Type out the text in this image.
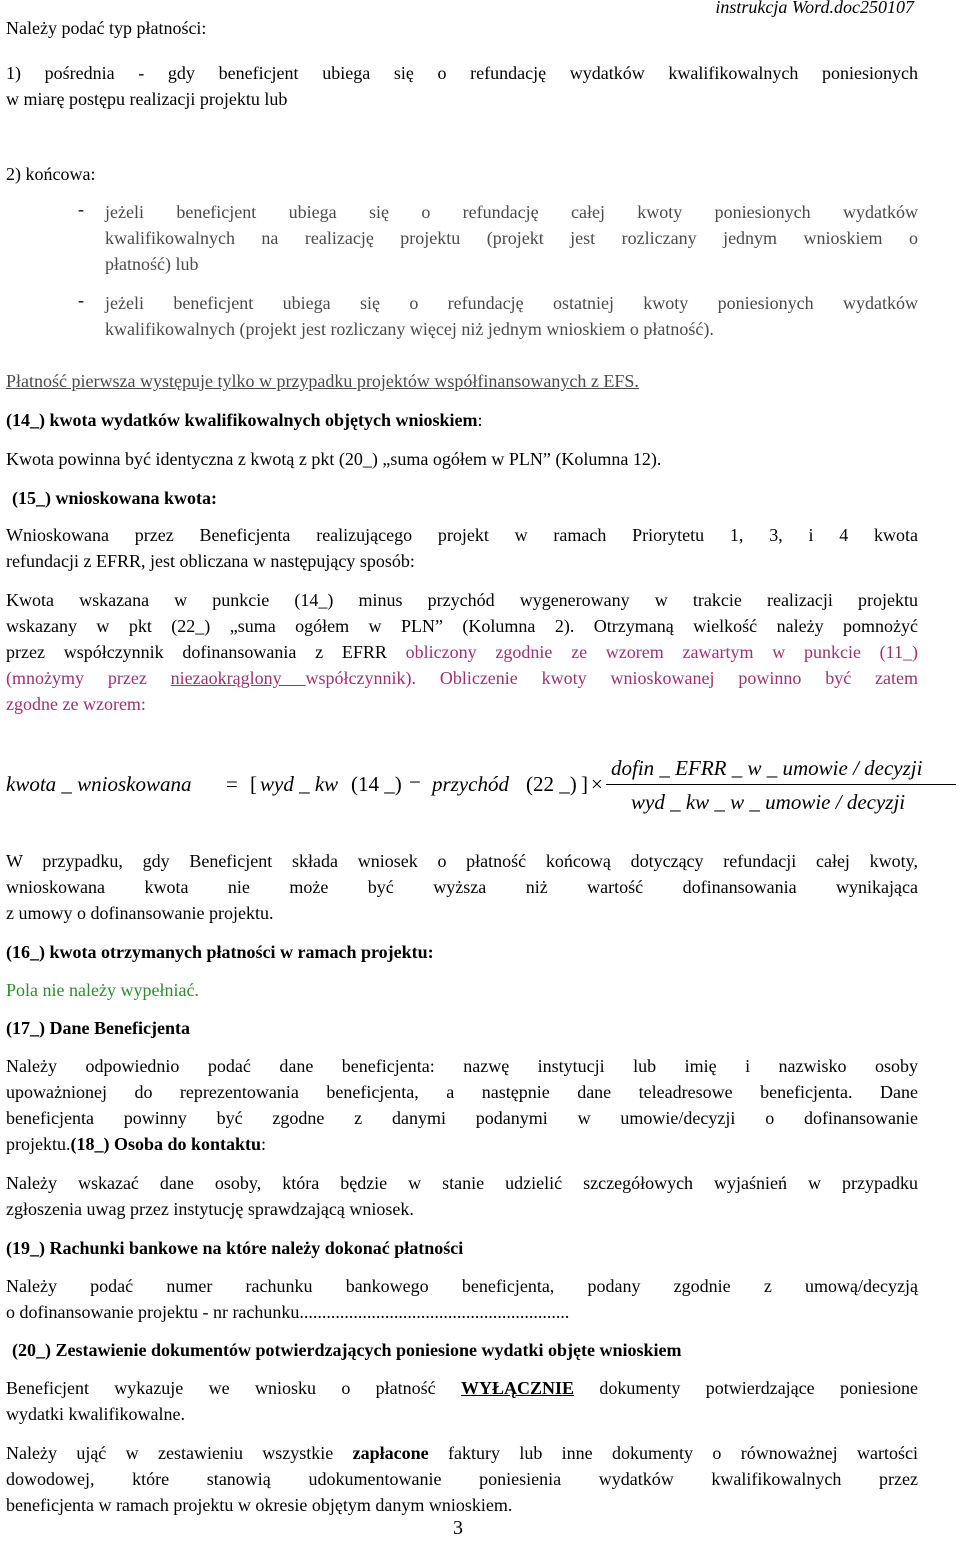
Należy podać typ płatności:
instrukcja Word.doc250107
1) pośrednia - gdy beneficjent ubiega się o refundację wydatków kwalifikowalnych poniesionych
w miarę postępu realizacji projektu lub
2) końcowa:
- jeżeli beneficjent ubiega się o refundację całej kwoty poniesionych wydatków
kwalifikowalnych na realizację projektu (projekt jest rozliczany jednym wnioskiem o
płatność) lub
- jeżeli beneficjent ubiega się o refundację ostatniej kwoty poniesionych wydatków
kwalifikowalnych (projekt jest rozliczany więcej niż jednym wnioskiem o płatność).
Płatność pierwsza występuje tylko w przypadku projektów współfinansowanych z EFS.
(14_) kwota wydatków kwalifikowalnych objętych wnioskiem:
Kwota powinna być identyczna z kwotą z pkt (20_) „suma ogółem w PLN” (Kolumna 12).
(15_) wnioskowana kwota:
Wnioskowana przez Beneficjenta realizującego projekt w ramach Priorytetu 1, 3, i 4 kwota
refundacji z EFRR, jest obliczana w następujący sposób:
Kwota wskazana w punkcie (14_) minus przychód wygenerowany w trakcie realizacji projektu
wskazany w pkt (22_) „suma ogółem w PLN” (Kolumna 2). Otrzymaną wielkość należy pomnożyć
przez współczynnik dofinansowania z EFRR obliczony zgodnie ze wzorem zawartym w punkcie (11_)
(mnożymy przez niezaokrąglony współczynnik). Obliczenie kwoty wnioskowanej powinno być zatem
zgodne ze wzorem:
kwota _ wnioskowana = [ wyd _ kw (14 _) − przychód (22 _) ] ×
dofin _ EFRR _ w _ umowie / decyzji
wyd _ kw _ w _ umowie / decyzji
W przypadku, gdy Beneficjent składa wniosek o płatność końcową dotyczący refundacji całej kwoty,
wnioskowana kwota nie może być wyższa niż wartość dofinansowania wynikająca
z umowy o dofinansowanie projektu.
(16_) kwota otrzymanych płatności w ramach projektu:
Pola nie należy wypełniać.
(17_) Dane Beneficjenta
Należy odpowiednio podać dane beneficjenta: nazwę instytucji lub imię i nazwisko osoby
upoważnionej do reprezentowania beneficjenta, a następnie dane teleadresowe beneficjenta. Dane
beneficjenta powinny być zgodne z danymi podanymi w umowie/decyzji o dofinansowanie
projektu.(18_) Osoba do kontaktu:
Należy wskazać dane osoby, która będzie w stanie udzielić szczegółowych wyjaśnień w przypadku
zgłoszenia uwag przez instytucję sprawdzającą wniosek.
(19_) Rachunki bankowe na które należy dokonać płatności
Należy podać numer rachunku bankowego beneficjenta, podany zgodnie z umową/decyzją
o dofinansowanie projektu - nr rachunku............................................................
(20_) Zestawienie dokumentów potwierdzających poniesione wydatki objęte wnioskiem
Beneficjent wykazuje we wniosku o płatność WYŁĄCZNIE dokumenty potwierdzające poniesione
wydatki kwalifikowalne.
Należy ująć w zestawieniu wszystkie zapłacone faktury lub inne dokumenty o równoważnej wartości
dowodowej, które stanowią udokumentowanie poniesienia wydatków kwalifikowalnych przez
beneficjenta w ramach projektu w okresie objętym danym wnioskiem.
3
